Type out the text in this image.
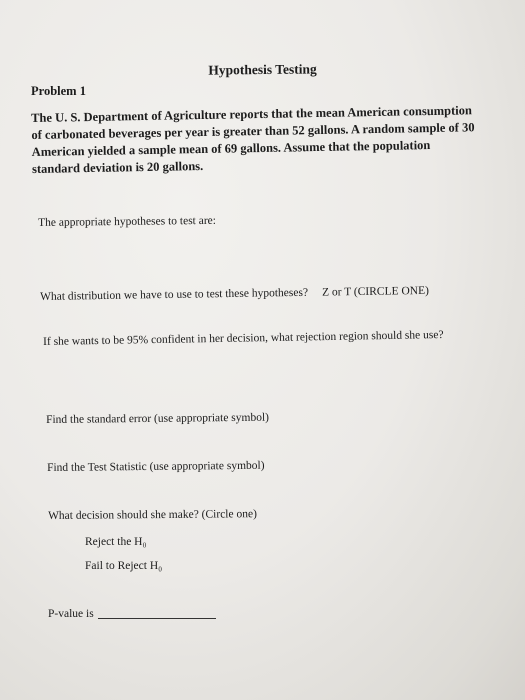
Hypothesis Testing
Problem 1
The U. S. Department of Agriculture reports that the mean American consumption of carbonated beverages per year is greater than 52 gallons. A random sample of 30 American yielded a sample mean of 69 gallons. Assume that the population standard deviation is 20 gallons.
The appropriate hypotheses to test are:
What distribution we have to use to test these hypotheses? Z or T (CIRCLE ONE)
If she wants to be 95% confident in her decision, what rejection region should she use?
Find the standard error (use appropriate symbol)
Find the Test Statistic (use appropriate symbol)
What decision should she make? (Circle one)
Reject the H₀
Fail to Reject H₀
P-value is
